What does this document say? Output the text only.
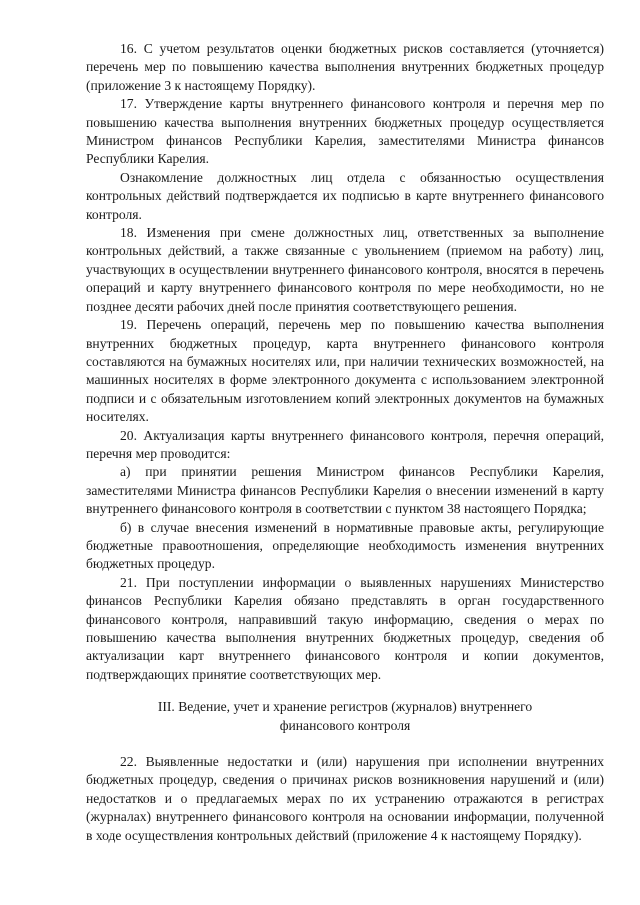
16. С учетом результатов оценки бюджетных рисков составляется (уточняется) перечень мер по повышению качества выполнения внутренних бюджетных процедур (приложение 3 к настоящему Порядку).

17. Утверждение карты внутреннего финансового контроля и перечня мер по повышению качества выполнения внутренних бюджетных процедур осуществляется Министром финансов Республики Карелия, заместителями Министра финансов Республики Карелия.

Ознакомление должностных лиц отдела с обязанностью осуществления контрольных действий подтверждается их подписью в карте внутреннего финансового контроля.

18. Изменения при смене должностных лиц, ответственных за выполнение контрольных действий, а также связанные с увольнением (приемом на работу) лиц, участвующих в осуществлении внутреннего финансового контроля, вносятся в перечень операций и карту внутреннего финансового контроля по мере необходимости, но не позднее десяти рабочих дней после принятия соответствующего решения.

19. Перечень операций, перечень мер по повышению качества выполнения внутренних бюджетных процедур, карта внутреннего финансового контроля составляются на бумажных носителях или, при наличии технических возможностей, на машинных носителях в форме электронного документа с использованием электронной подписи и с обязательным изготовлением копий электронных документов на бумажных носителях.

20. Актуализация карты внутреннего финансового контроля, перечня операций, перечня мер проводится:

а) при принятии решения Министром финансов Республики Карелия, заместителями Министра финансов Республики Карелия о внесении изменений в карту внутреннего финансового контроля в соответствии с пунктом 38 настоящего Порядка;

б) в случае внесения изменений в нормативные правовые акты, регулирующие бюджетные правоотношения, определяющие необходимость изменения внутренних бюджетных процедур.

21. При поступлении информации о выявленных нарушениях Министерство финансов Республики Карелия обязано представлять в орган государственного финансового контроля, направивший такую информацию, сведения о мерах по повышению качества выполнения внутренних бюджетных процедур, сведения об актуализации карт внутреннего финансового контроля и копии документов, подтверждающих принятие соответствующих мер.

III. Ведение, учет и хранение регистров (журналов) внутреннего финансового контроля

22. Выявленные недостатки и (или) нарушения при исполнении внутренних бюджетных процедур, сведения о причинах рисков возникновения нарушений и (или) недостатков и о предлагаемых мерах по их устранению отражаются в регистрах (журналах) внутреннего финансового контроля на основании информации, полученной в ходе осуществления контрольных действий (приложение 4 к настоящему Порядку).
